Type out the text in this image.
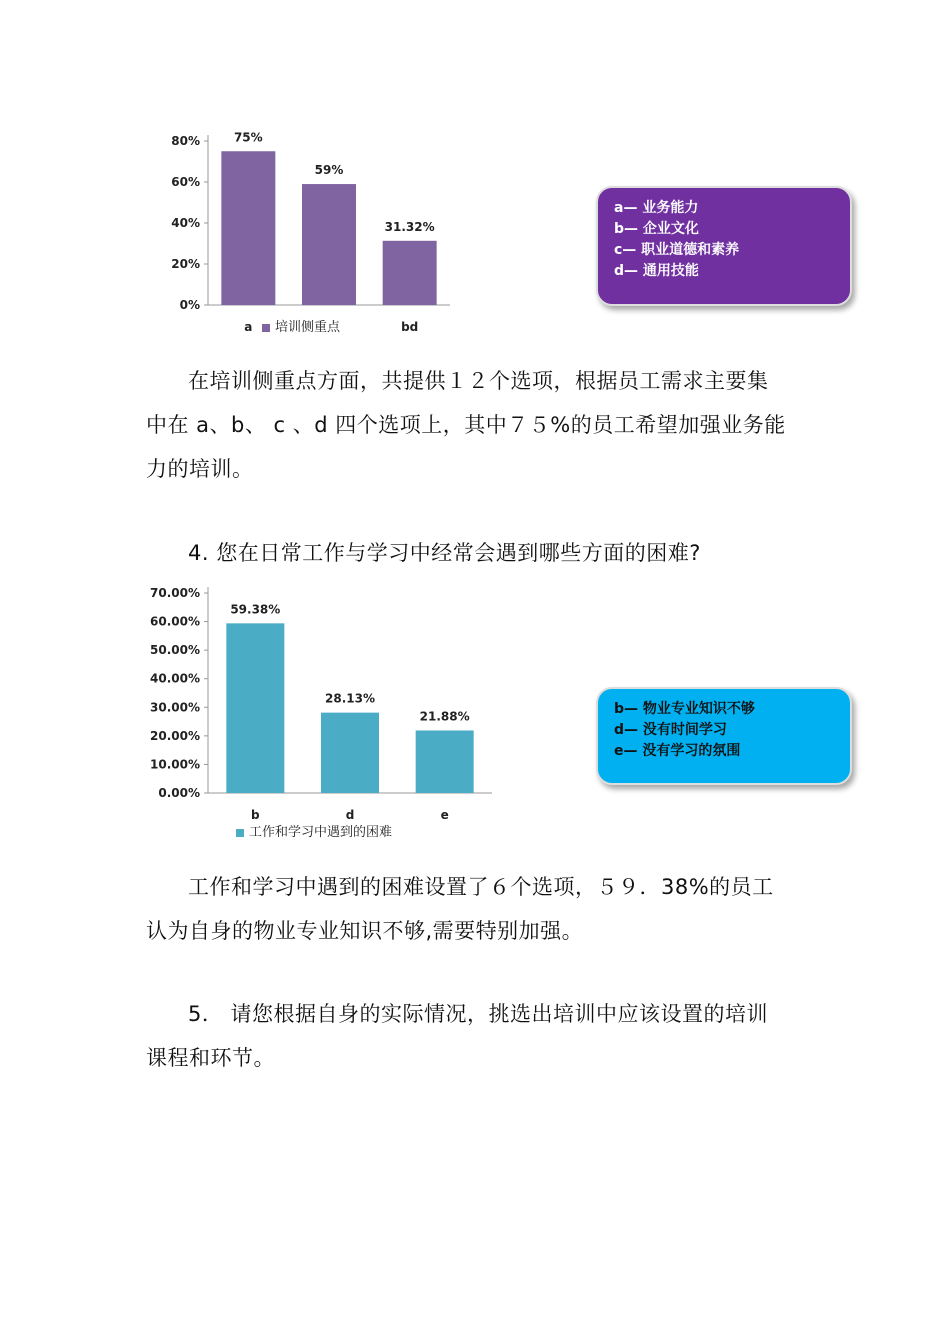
0%
20%
40%
60%
80%	75%
a
59%
31.32%
bd
培训侧重点
a— 业务能力
b— 企业文化
c— 职业道德和素养
d— 通用技能

在培训侧重点方面，共提供１２个选项，根据员工需求主要集

中在 a、b、 c 、d 四个选项上，其中７５%的员工希望加强业务能

力的培训。

4. 您在日常工作与学习中经常会遇到哪些方面的困难?

0.00%
10.00%
20.00%
30.00%
40.00%
50.00%
60.00%
70.00%
59.38%
b
28.13%
d
21.88%
e
工作和学习中遇到的困难
b— 物业专业知识不够
d— 没有时间学习
e— 没有学习的氛围

工作和学习中遇到的困难设置了６个选项，５９．38%的员工

认为自身的物业专业知识不够,需要特别加强。

5． 请您根据自身的实际情况，挑选出培训中应该设置的培训

课程和环节。
